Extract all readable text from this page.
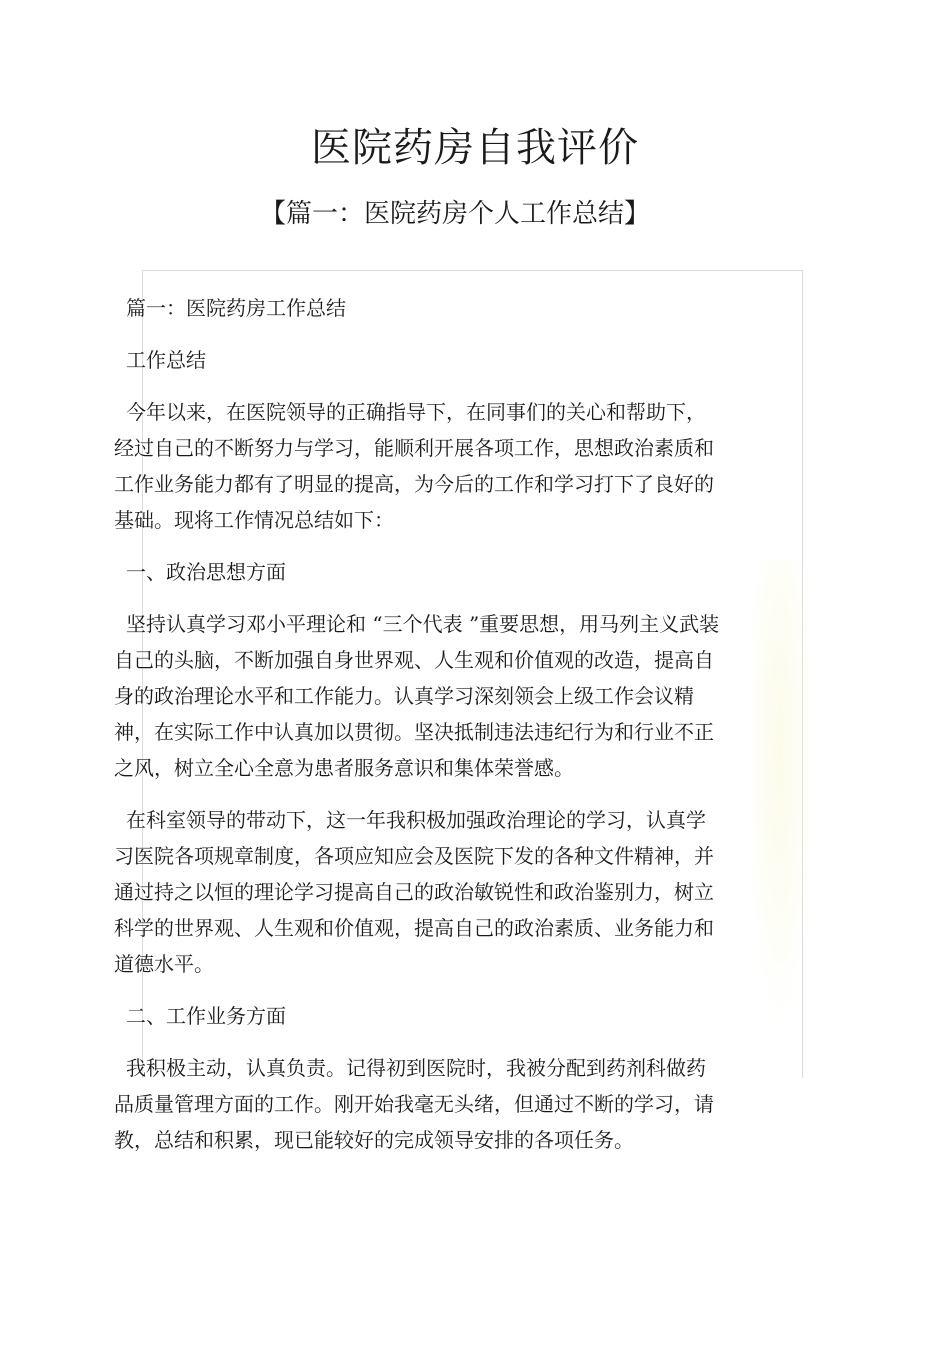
医院药房自我评价
【篇一：医院药房个人工作总结】

篇一：医院药房工作总结

工作总结

今年以来，在医院领导的正确指导下，在同事们的关心和帮助下，
经过自己的不断努力与学习，能顺利开展各项工作，思想政治素质和
工作业务能力都有了明显的提高，为今后的工作和学习打下了良好的
基础。现将工作情况总结如下：

一、政治思想方面

坚持认真学习邓小平理论和 “三个代表 ”重要思想，用马列主义武装
自己的头脑，不断加强自身世界观、人生观和价值观的改造，提高自
身的政治理论水平和工作能力。认真学习深刻领会上级工作会议精
神，在实际工作中认真加以贯彻。坚决抵制违法违纪行为和行业不正
之风，树立全心全意为患者服务意识和集体荣誉感。

在科室领导的带动下，这一年我积极加强政治理论的学习，认真学
习医院各项规章制度，各项应知应会及医院下发的各种文件精神，并
通过持之以恒的理论学习提高自己的政治敏锐性和政治鉴别力，树立
科学的世界观、人生观和价值观，提高自己的政治素质、业务能力和
道德水平。

二、工作业务方面

我积极主动，认真负责。记得初到医院时，我被分配到药剂科做药
品质量管理方面的工作。刚开始我毫无头绪，但通过不断的学习，请
教，总结和积累，现已能较好的完成领导安排的各项任务。
